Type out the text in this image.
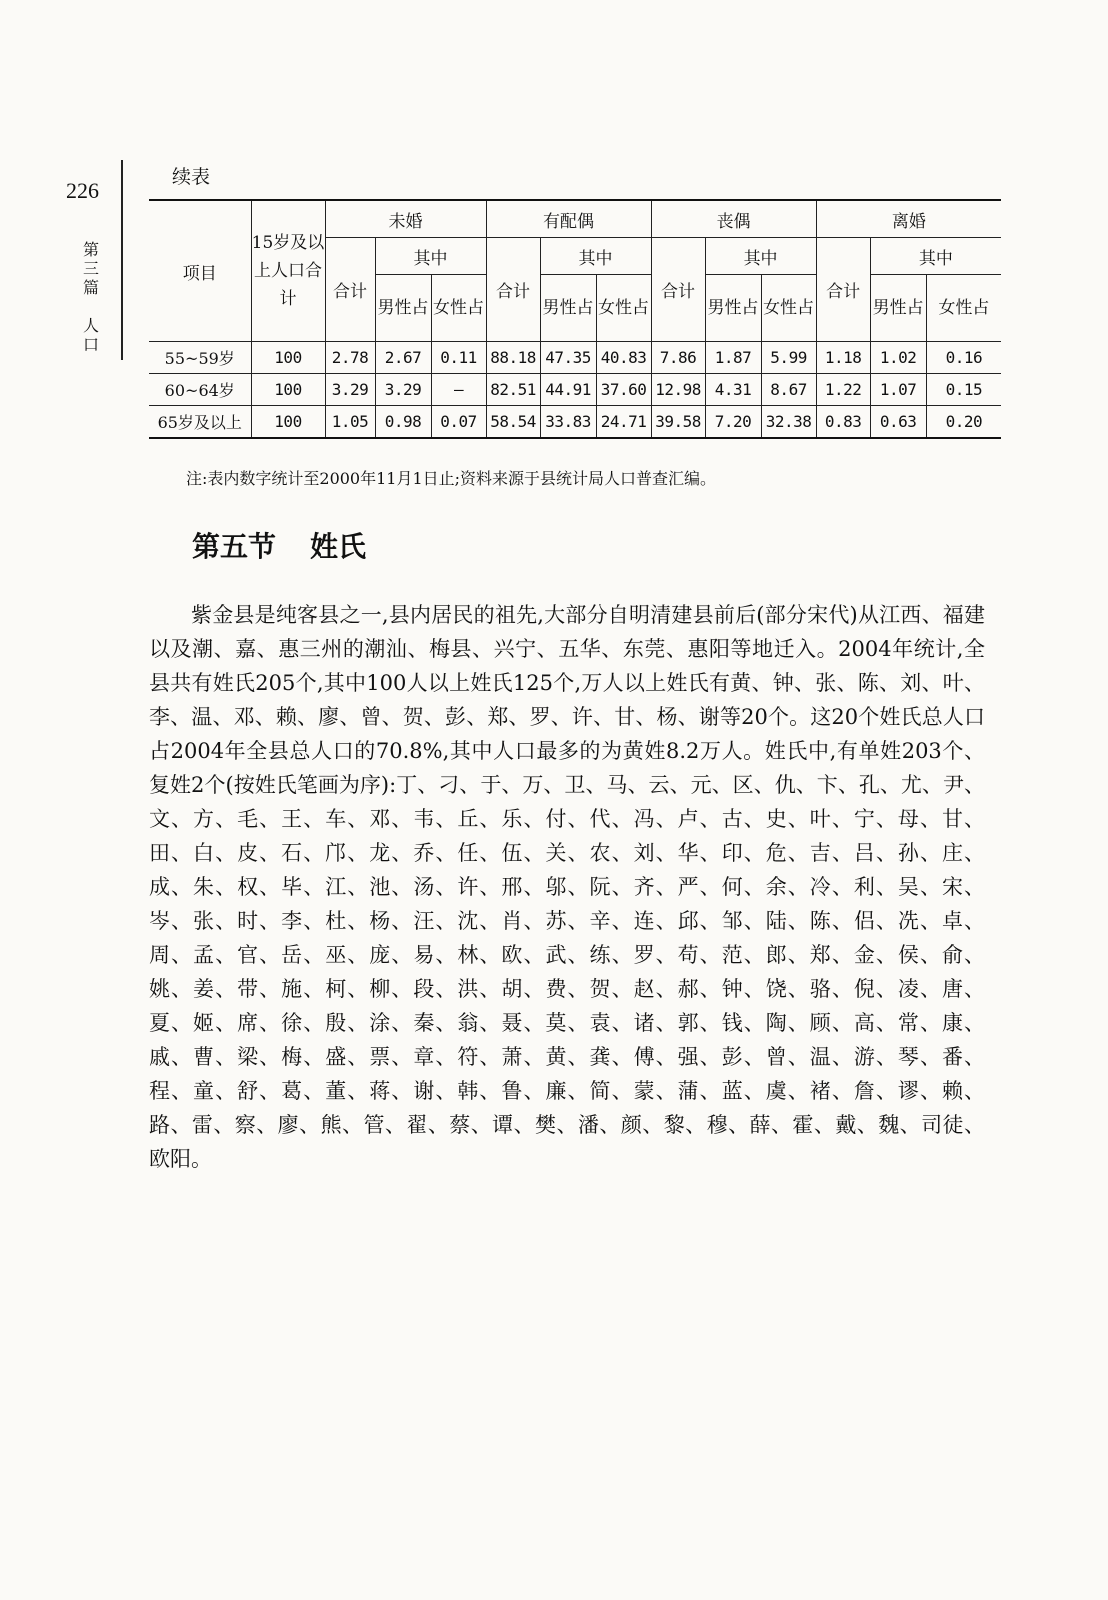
226
第
三
篇
人
口
续表
项目	15岁及以上人口合计	未婚			有配偶			丧偶			离婚		
		合计	其中		合计	其中		合计	其中		合计	其中	
			男性占	女性占		男性占	女性占		男性占	女性占		男性占	女性占
55~59岁	100	2.78	2.67	0.11	88.18	47.35	40.83	7.86	1.87	5.99	1.18	1.02	0.16
60~64岁	100	3.29	3.29	—	82.51	44.91	37.60	12.98	4.31	8.67	1.22	1.07	0.15
65岁及以上	100	1.05	0.98	0.07	58.54	33.83	24.71	39.58	7.20	32.38	0.83	0.63	0.20
注:表内数字统计至2000年11月1日止;资料来源于县统计局人口普查汇编。
第五节 姓氏

紫金县是纯客县之一,县内居民的祖先,大部分自明清建县前后(部分宋代)从江西、福建以及潮、嘉、惠三州的潮汕、梅县、兴宁、五华、东莞、惠阳等地迁入。2004年统计,全县共有姓氏205个,其中100人以上姓氏125个,万人以上姓氏有黄、钟、张、陈、刘、叶、李、温、邓、赖、廖、曾、贺、彭、郑、罗、许、甘、杨、谢等20个。这20个姓氏总人口占2004年全县总人口的70.8%,其中人口最多的为黄姓8.2万人。姓氏中,有单姓203个、复姓2个(按姓氏笔画为序):丁、刁、于、万、卫、马、云、元、区、仇、卞、孔、尤、尹、文、方、毛、王、车、邓、韦、丘、乐、付、代、冯、卢、古、史、叶、宁、母、甘、田、白、皮、石、邝、龙、乔、任、伍、关、农、刘、华、印、危、吉、吕、孙、庄、成、朱、权、毕、江、池、汤、许、邢、邬、阮、齐、严、何、余、冷、利、吴、宋、岑、张、时、李、杜、杨、汪、沈、肖、苏、辛、连、邱、邹、陆、陈、侣、冼、卓、周、孟、官、岳、巫、庞、易、林、欧、武、练、罗、苟、范、郎、郑、金、侯、俞、姚、姜、带、施、柯、柳、段、洪、胡、费、贺、赵、郝、钟、饶、骆、倪、凌、唐、夏、姬、席、徐、殷、涂、秦、翁、聂、莫、袁、诸、郭、钱、陶、顾、高、常、康、戚、曹、梁、梅、盛、票、章、符、萧、黄、龚、傅、强、彭、曾、温、游、琴、番、程、童、舒、葛、董、蒋、谢、韩、鲁、廉、简、蒙、蒲、蓝、虞、褚、詹、谬、赖、路、雷、察、廖、熊、管、翟、蔡、谭、樊、潘、颜、黎、穆、薛、霍、戴、魏、司徒、欧阳。
